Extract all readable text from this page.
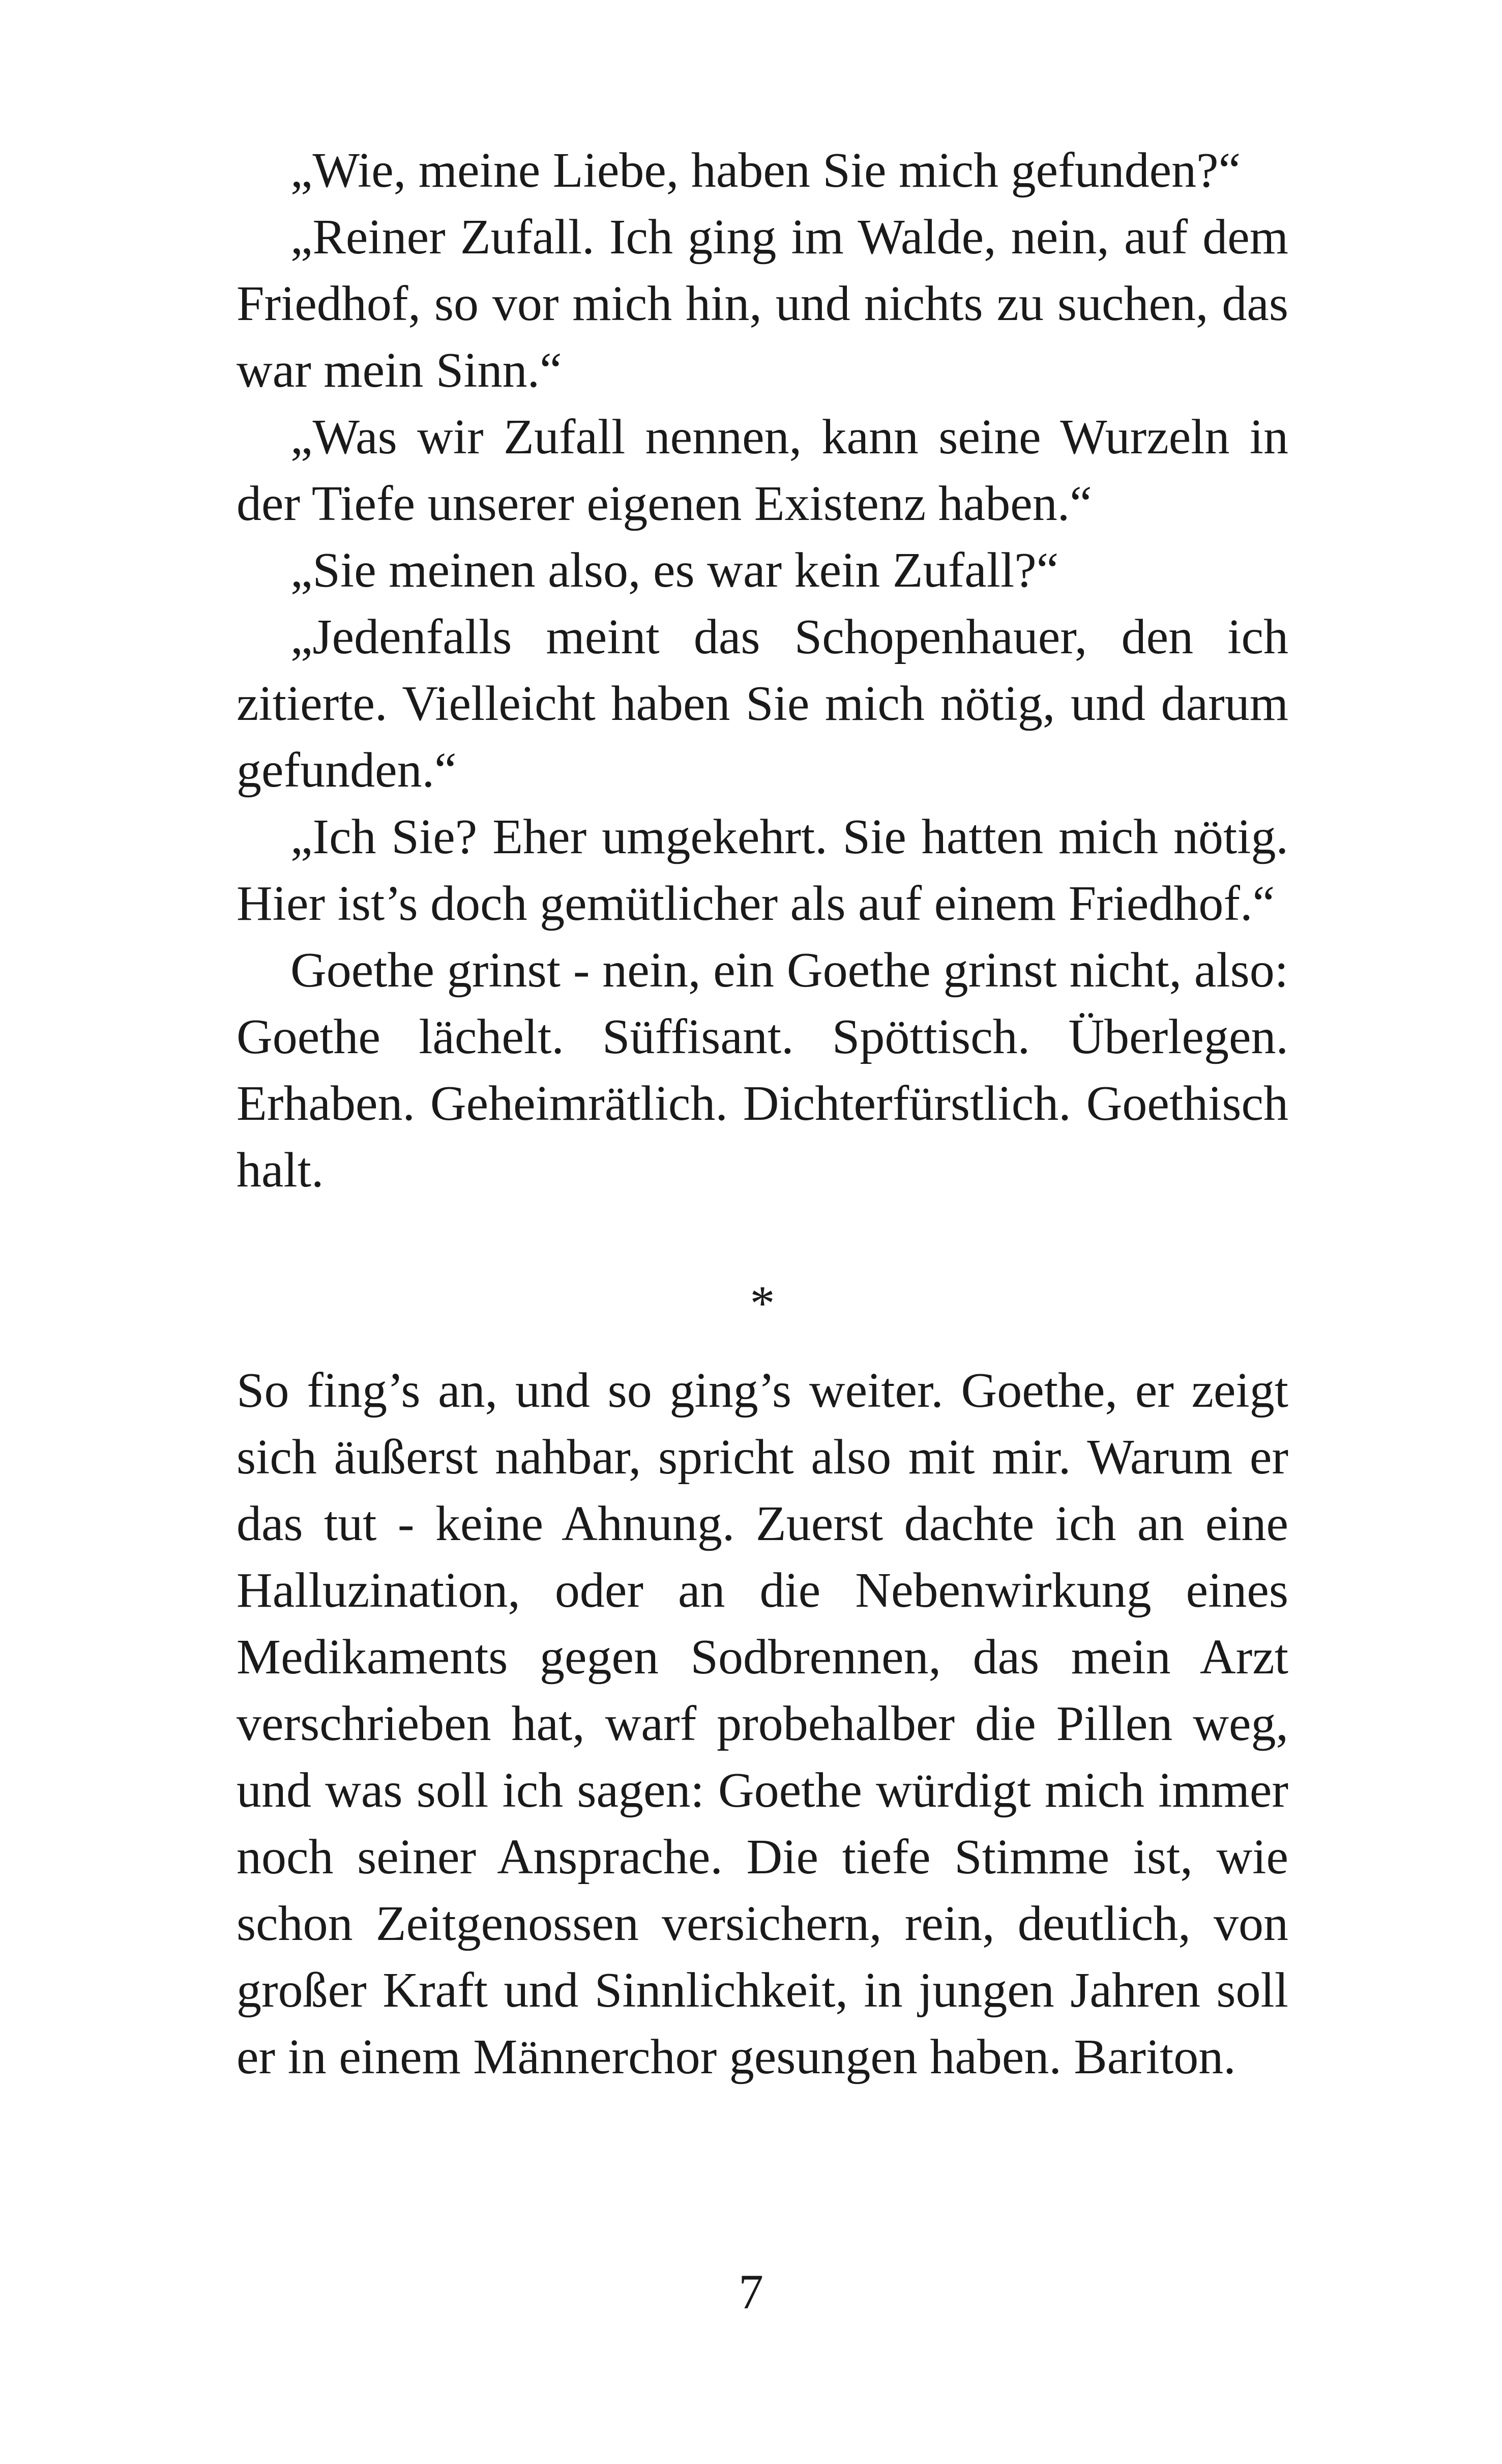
„Wie, meine Liebe, haben Sie mich gefunden?“

„Reiner Zufall. Ich ging im Walde, nein, auf dem Friedhof, so vor mich hin, und nichts zu suchen, das war mein Sinn.“

„Was wir Zufall nennen, kann seine Wurzeln in der Tiefe unserer eigenen Existenz haben.“

„Sie meinen also, es war kein Zufall?“

„Jedenfalls meint das Schopenhauer, den ich zitierte. Vielleicht haben Sie mich nötig, und darum gefunden.“

„Ich Sie? Eher umgekehrt. Sie hatten mich nötig. Hier ist’s doch gemütlicher als auf einem Friedhof.“

Goethe grinst - nein, ein Goethe grinst nicht, also: Goethe lächelt. Süffisant. Spöttisch. Überlegen. Erhaben. Geheimrätlich. Dichterfürstlich. Goethisch halt.

*

So fing’s an, und so ging’s weiter. Goethe, er zeigt sich äußerst nahbar, spricht also mit mir. Warum er das tut - keine Ahnung. Zuerst dachte ich an eine Halluzination, oder an die Nebenwirkung eines Medikaments gegen Sodbrennen, das mein Arzt verschrieben hat, warf probehalber die Pillen weg, und was soll ich sagen: Goethe würdigt mich immer noch seiner Ansprache. Die tiefe Stimme ist, wie schon Zeitgenossen versichern, rein, deutlich, von großer Kraft und Sinnlichkeit, in jungen Jahren soll er in einem Männerchor gesungen haben. Bariton.

7
